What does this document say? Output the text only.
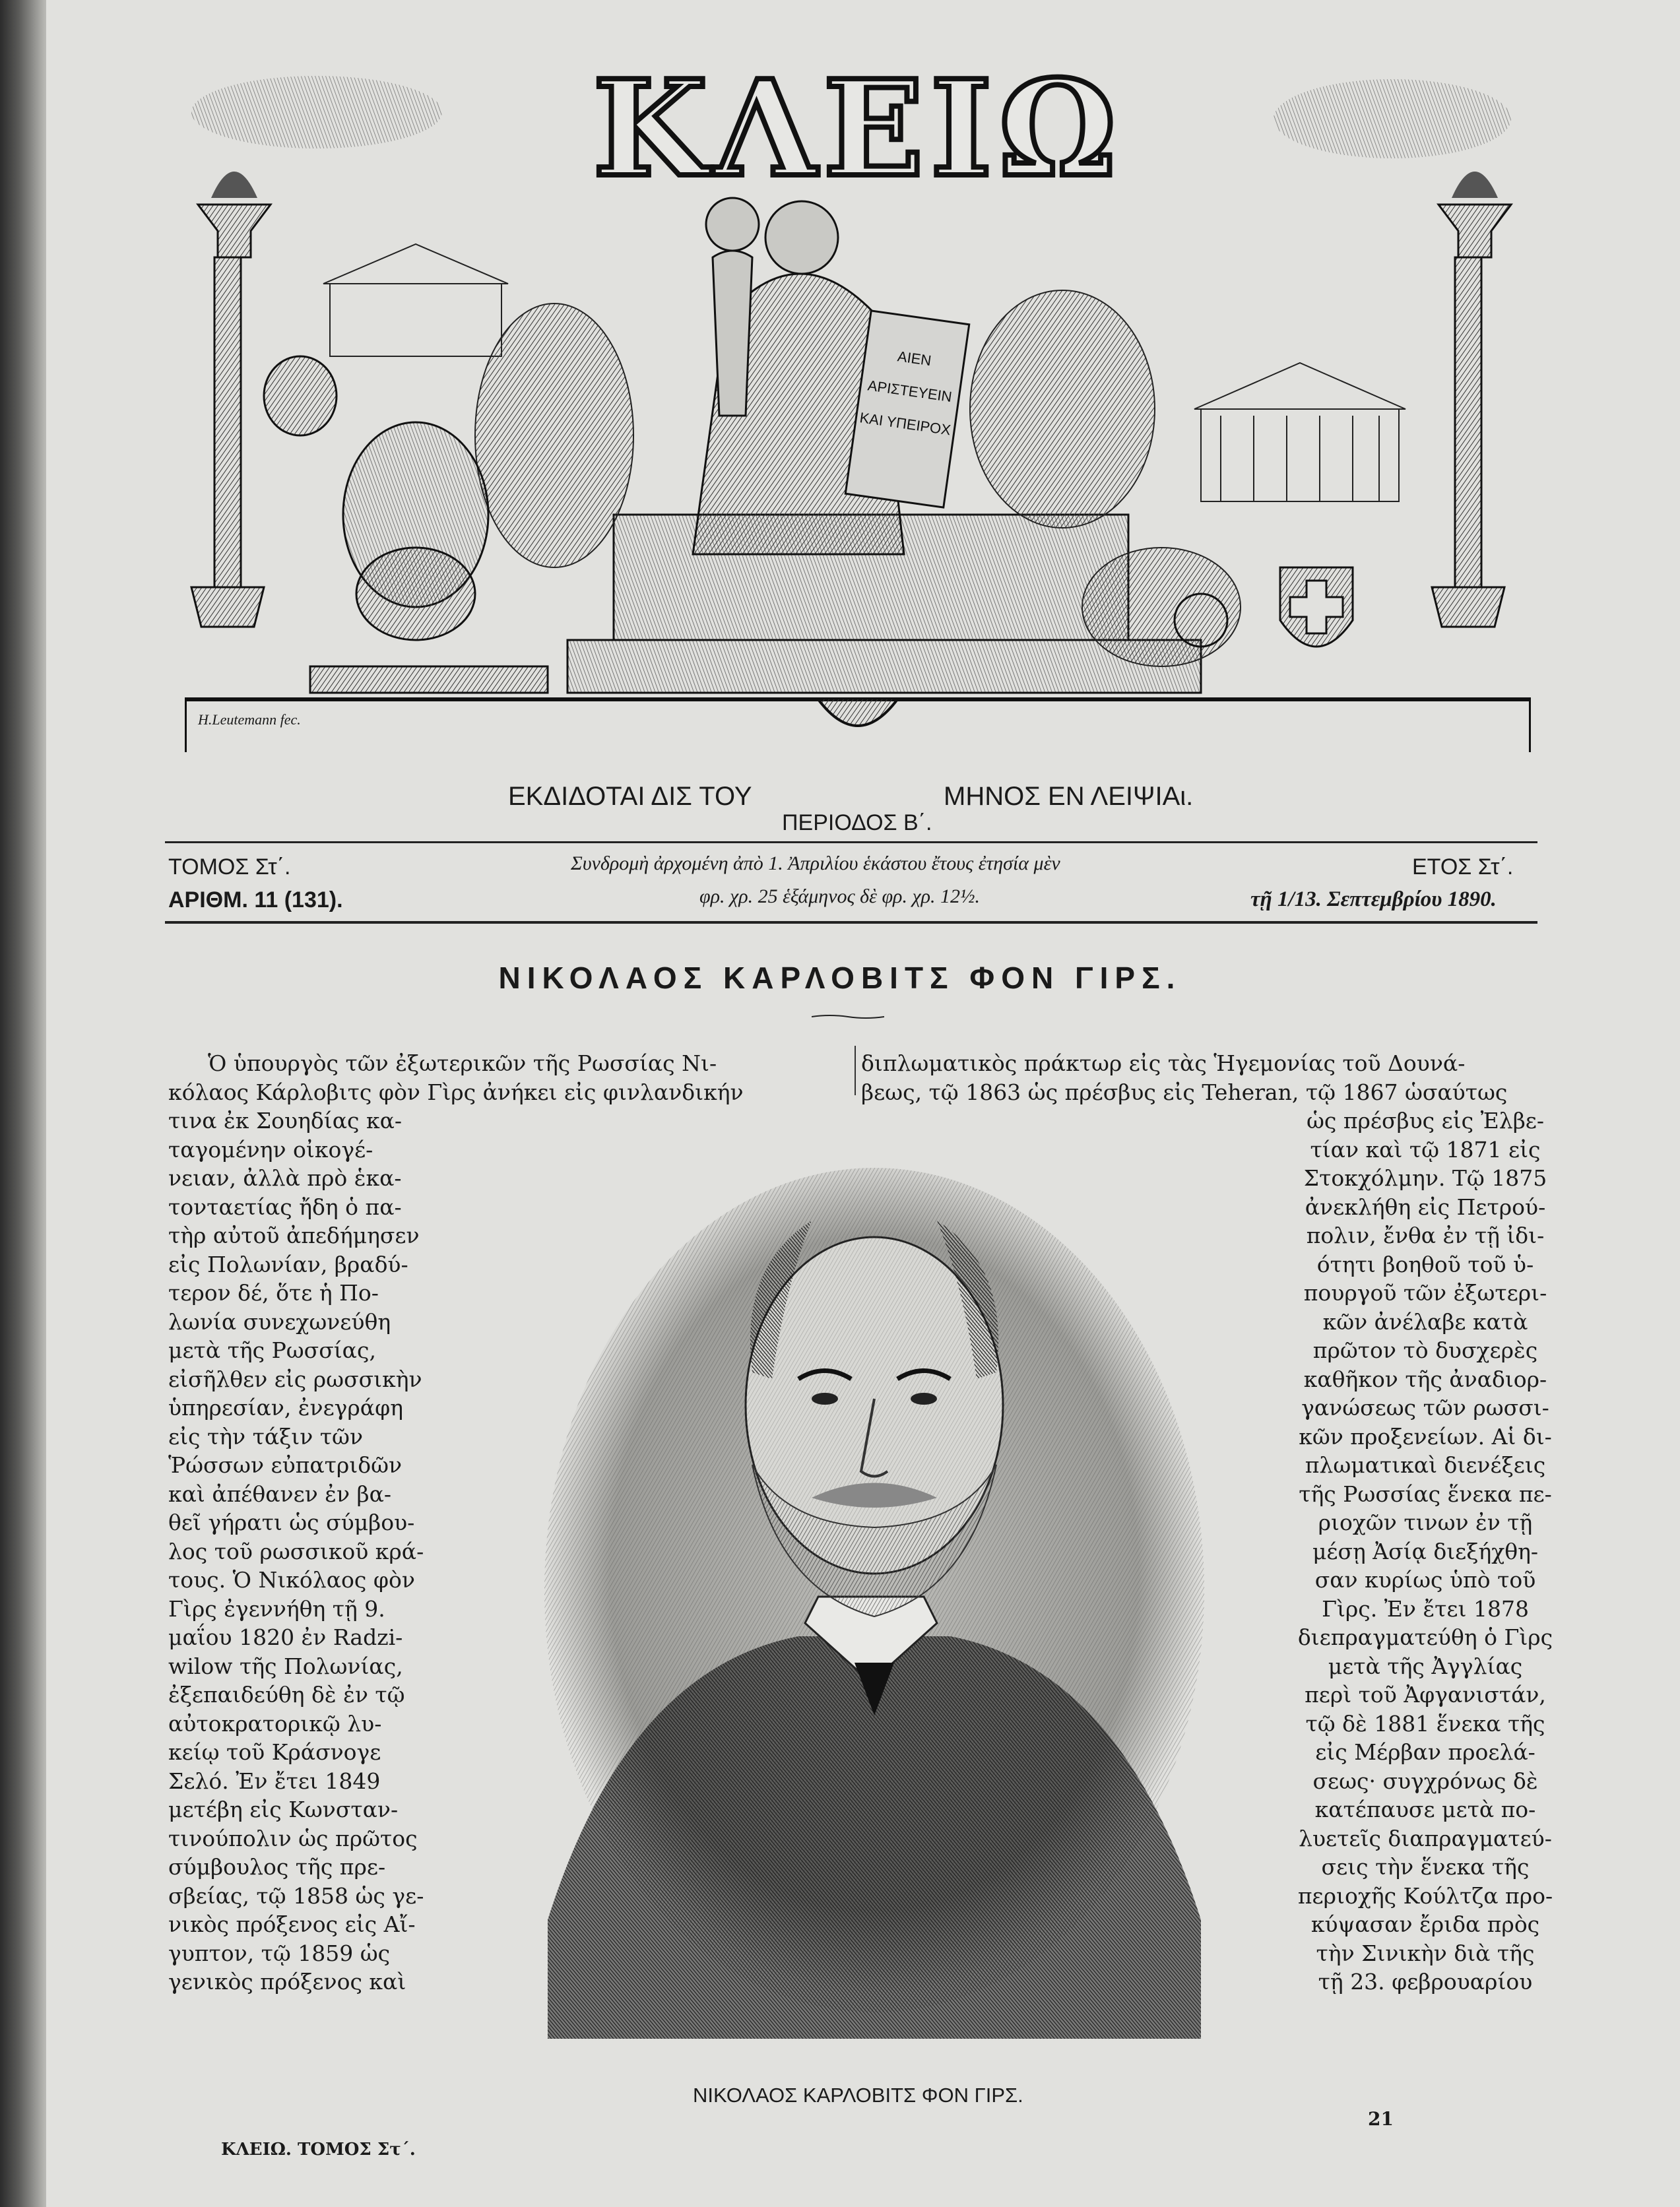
ΑΙΕΝ
ΑΡΙΣΤΕΥΕΙΝ
ΚΑΙ ΥΠΕΙΡΟΧ
ΚΛΕΙΩ
H.Leutemann fec.
ΕΚΔΙΔΟΤΑΙ ΔΙΣ ΤΟΥ	ΜΗΝΟΣ ΕΝ ΛΕΙΨΙΑι.
ΠΕΡΙΟΔΟΣ Β΄.
ΤΟΜΟΣ Στ΄.
ΑΡΙΘΜ. 11 (131).
Συνδρομὴ ἀρχομένη ἀπὸ 1. Ἀπριλίου ἑκάστου ἔτους ἐτησία μὲν
φρ. χρ. 25 ἑξάμηνος δὲ φρ. χρ. 12½.
ΕΤΟΣ Στ΄.
τῇ 1/13. Σεπτεμβρίου 1890.
ΝΙΚΟΛΑΟΣ ΚΑΡΛΟΒΙΤΣ ΦΟΝ ΓΙΡΣ.
Ὁ ὑπουργὸς τῶν ἐξωτερικῶν τῆς Ρωσσίας Νι-
κόλαος Κάρλοβιτς φὸν Γὶρς ἀνήκει εἰς φινλανδικήν
διπλωματικὸς πράκτωρ εἰς τὰς Ἡγεμονίας τοῦ Δουνά-
βεως, τῷ 1863 ὡς πρέσβυς εἰς Teheran, τῷ 1867 ὡσαύτως
τινα ἐκ Σουηδίας κα-
ταγομένην οἰκογέ-
νειαν, ἀλλὰ πρὸ ἑκα-
τονταετίας ἤδη ὁ πα-
τὴρ αὐτοῦ ἀπεδήμησεν
εἰς Πολωνίαν, βραδύ-
τερον δέ, ὅτε ἡ Πο-
λωνία συνεχωνεύθη
μετὰ τῆς Ρωσσίας,
εἰσῆλθεν εἰς ρωσσικὴν
ὑπηρεσίαν, ἐνεγράφη
εἰς τὴν τάξιν τῶν
Ῥώσσων εὐπατριδῶν
καὶ ἀπέθανεν ἐν βα-
θεῖ γήρατι ὡς σύμβου-
λος τοῦ ρωσσικοῦ κρά-
τους. Ὁ Νικόλαος φὸν
Γὶρς ἐγεννήθη τῇ 9.
μαΐου 1820 ἐν Radzi-
wilow τῆς Πολωνίας,
ἐξεπαιδεύθη δὲ ἐν τῷ
αὐτοκρατορικῷ λυ-
κείῳ τοῦ Κράσνογε
Σελό. Ἐν ἔτει 1849
μετέβη εἰς Κωνσταν-
τινούπολιν ὡς πρῶτος
σύμβουλος τῆς πρε-
σβείας, τῷ 1858 ὡς γε-
νικὸς πρόξενος εἰς Αἴ-
γυπτον, τῷ 1859 ὡς
γενικὸς πρόξενος καὶ
ὡς πρέσβυς εἰς Ἐλβε-
τίαν καὶ τῷ 1871 εἰς
Στοκχόλμην. Τῷ 1875
ἀνεκλήθη εἰς Πετρού-
πολιν, ἔνθα ἐν τῇ ἰδι-
ότητι βοηθοῦ τοῦ ὑ-
πουργοῦ τῶν ἐξωτερι-
κῶν ἀνέλαβε κατὰ
πρῶτον τὸ δυσχερὲς
καθῆκον τῆς ἀναδιορ-
γανώσεως τῶν ρωσσι-
κῶν προξενείων. Αἱ δι-
πλωματικαὶ διενέξεις
τῆς Ρωσσίας ἕνεκα πε-
ριοχῶν τινων ἐν τῇ
μέσῃ Ἀσίᾳ διεξήχθη-
σαν κυρίως ὑπὸ τοῦ
Γὶρς. Ἐν ἔτει 1878
διεπραγματεύθη ὁ Γὶρς
μετὰ τῆς Ἀγγλίας
περὶ τοῦ Ἀφγανιστάν,
τῷ δὲ 1881 ἕνεκα τῆς
εἰς Μέρβαν προελά-
σεως· συγχρόνως δὲ
κατέπαυσε μετὰ πο-
λυετεῖς διαπραγματεύ-
σεις τὴν ἕνεκα τῆς
περιοχῆς Κούλτζα προ-
κύψασαν ἔριδα πρὸς
τὴν Σινικὴν διὰ τῆς
τῇ 23. φεβρουαρίου
ΝΙΚΟΛΑΟΣ ΚΑΡΛΟΒΙΤΣ ΦΟΝ ΓΙΡΣ.
ΚΛΕΙΩ. ΤΟΜΟΣ Στ΄.
21
